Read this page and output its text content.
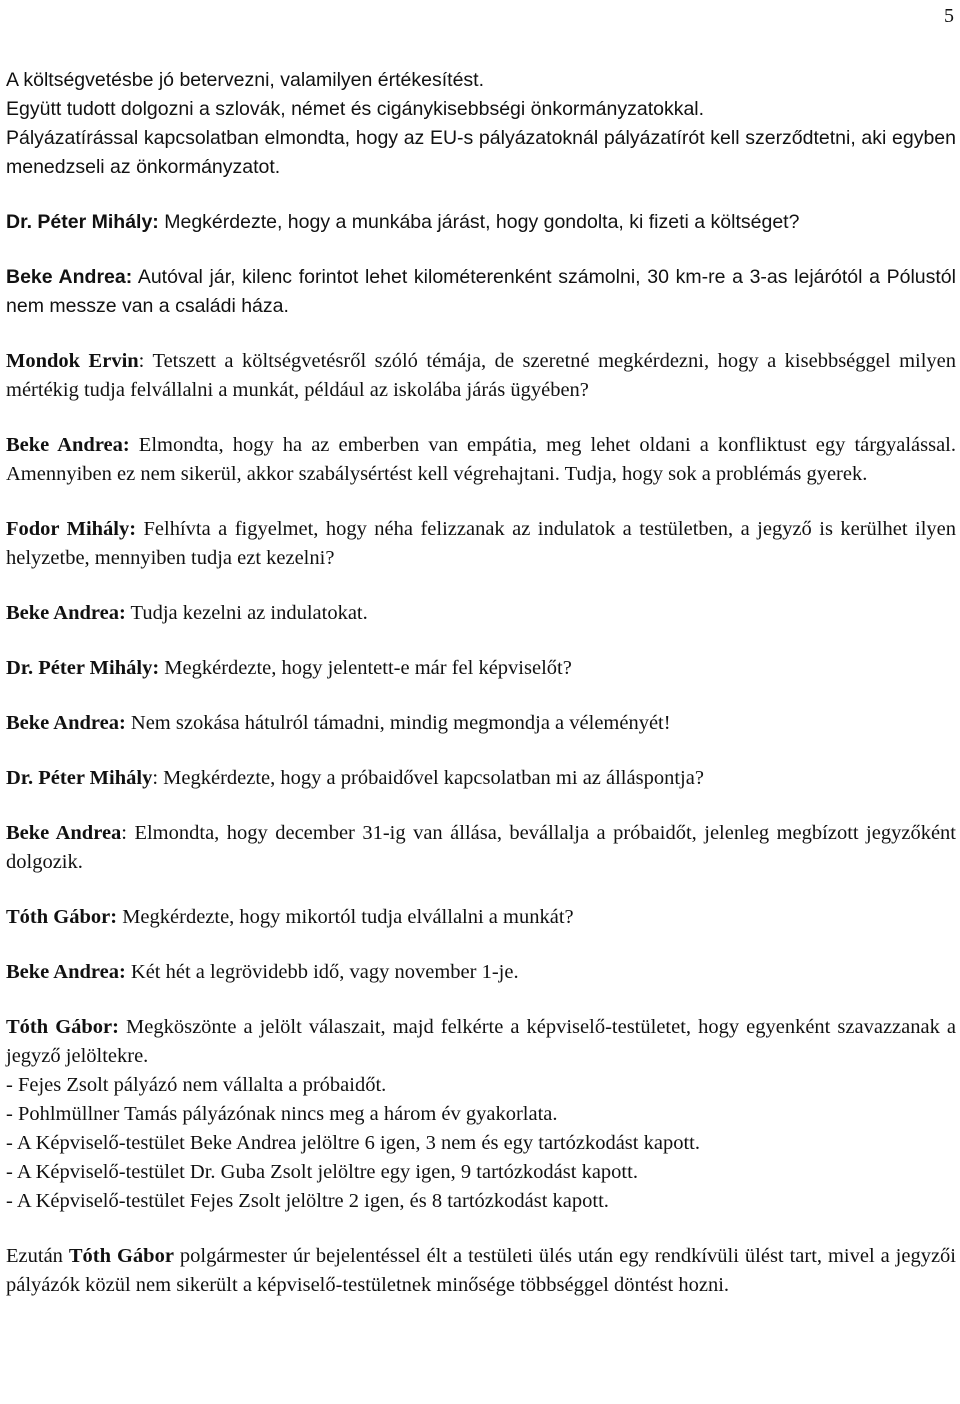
5

A költségvetésbe jó betervezni, valamilyen értékesítést.
Együtt tudott dolgozni a szlovák, német és cigánykisebbségi önkormányzatokkal.
Pályázatírással kapcsolatban elmondta, hogy az EU-s pályázatoknál pályázatírót kell szerződtetni, aki egyben menedzseli az önkormányzatot.

Dr. Péter Mihály: Megkérdezte, hogy a munkába járást, hogy gondolta, ki fizeti a költséget?

Beke Andrea: Autóval jár, kilenc forintot lehet kilométerenként számolni, 30 km-re a 3-as lejárótól a Pólustól nem messze van a családi háza.

Mondok Ervin: Tetszett a költségvetésről szóló témája, de szeretné megkérdezni, hogy a kisebbséggel milyen mértékig tudja felvállalni a munkát, például az iskolába járás ügyében?

Beke Andrea: Elmondta, hogy ha az emberben van empátia, meg lehet oldani a konfliktust egy tárgyalással. Amennyiben ez nem sikerül, akkor szabálysértést kell végrehajtani. Tudja, hogy sok a problémás gyerek.

Fodor Mihály: Felhívta a figyelmet, hogy néha felizzanak az indulatok a testületben, a jegyző is kerülhet ilyen helyzetbe, mennyiben tudja ezt kezelni?

Beke Andrea: Tudja kezelni az indulatokat.

Dr. Péter Mihály: Megkérdezte, hogy jelentett-e már fel képviselőt?

Beke Andrea: Nem szokása hátulról támadni, mindig megmondja a véleményét!

Dr. Péter Mihály: Megkérdezte, hogy a próbaidővel kapcsolatban mi az álláspontja?

Beke Andrea: Elmondta, hogy december 31-ig van állása, bevállalja a próbaidőt, jelenleg megbízott jegyzőként dolgozik.

Tóth Gábor: Megkérdezte, hogy mikortól tudja elvállalni a munkát?

Beke Andrea: Két hét a legrövidebb idő, vagy november 1-je.

Tóth Gábor: Megköszönte a jelölt válaszait, majd felkérte a képviselő-testületet, hogy egyenként szavazzanak a jegyző jelöltekre.

- Fejes Zsolt pályázó nem vállalta a próbaidőt.
- Pohlmüllner Tamás pályázónak nincs meg a három év gyakorlata.
- A Képviselő-testület Beke Andrea jelöltre 6 igen, 3 nem és egy tartózkodást kapott.
- A Képviselő-testület Dr. Guba Zsolt jelöltre egy igen, 9 tartózkodást kapott.
- A Képviselő-testület Fejes Zsolt jelöltre 2 igen, és 8 tartózkodást kapott.

Ezután Tóth Gábor polgármester úr bejelentéssel élt a testületi ülés után egy rendkívüli ülést tart, mivel a jegyzői pályázók közül nem sikerült a képviselő-testületnek minősége többséggel döntést hozni.
